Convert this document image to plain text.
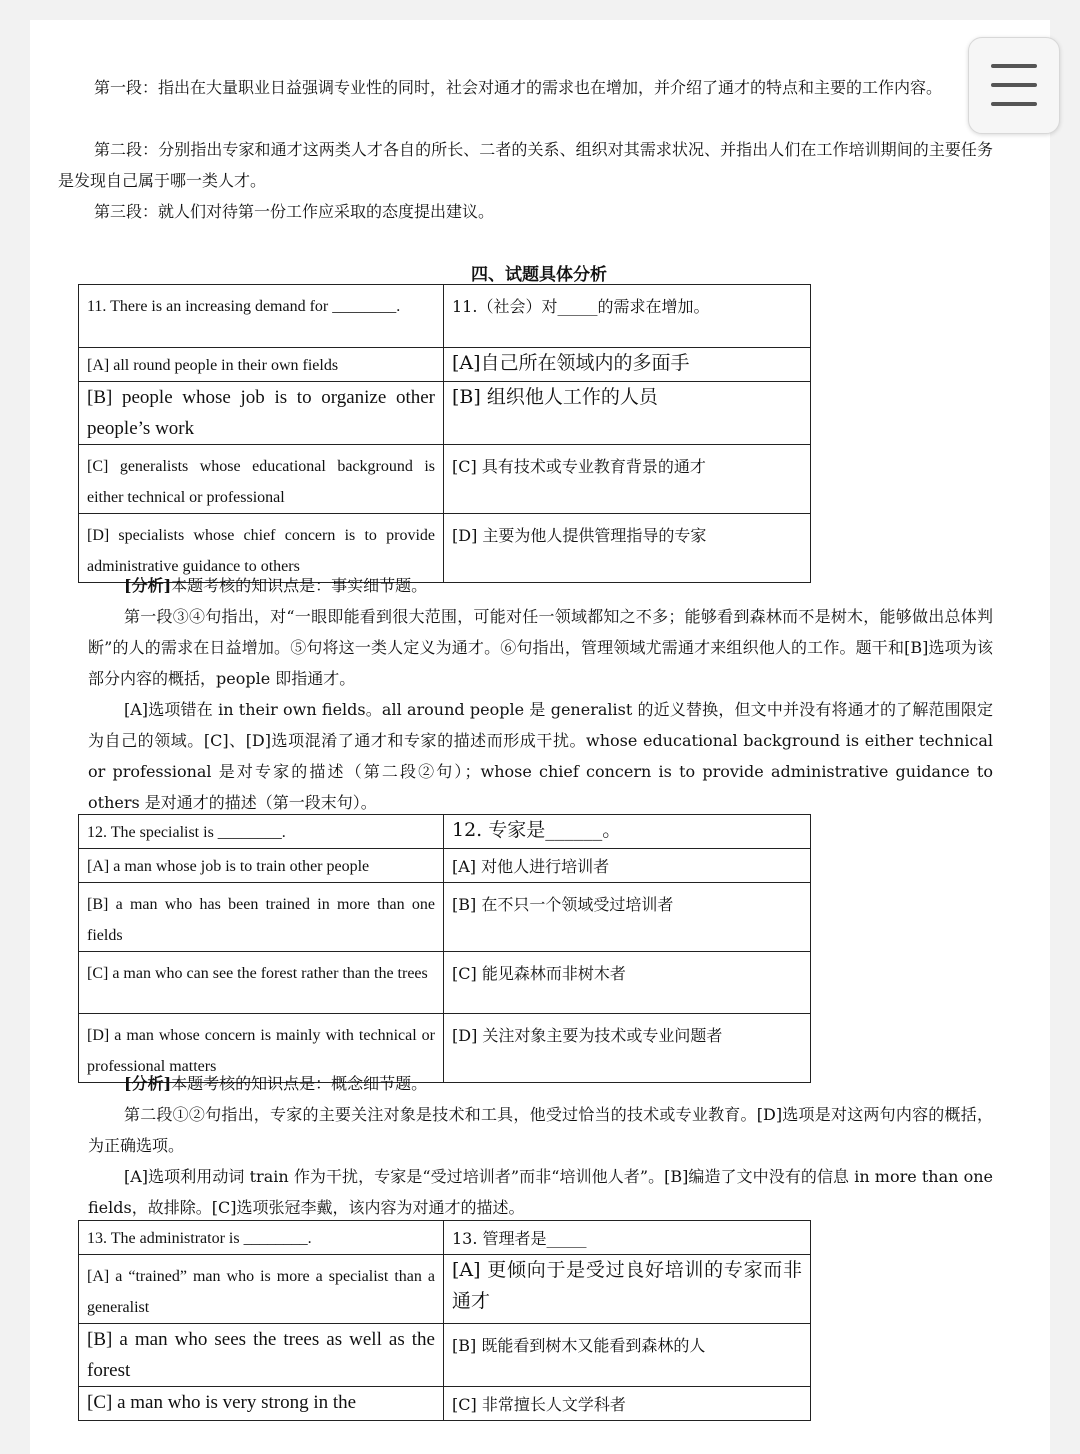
第一段：指出在大量职业日益强调专业性的同时，社会对通才的需求也在增加，并介绍了通才的特点和主要的工作内容。

第二段：分别指出专家和通才这两类人才各自的所长、二者的关系、组织对其需求状况、并指出人们在工作培训期间的主要任务是发现自己属于哪一类人才。

第三段：就人们对待第一份工作应采取的态度提出建议。

四、试题具体分析
11. There is an increasing demand for ________.	11.（社会）对_____的需求在增加。
[A] all round people in their own fields	[A]自己所在领域内的多面手
[B] people whose job is to organize other people’s work	[B] 组织他人工作的人员
[C] generalists whose educational background is either technical or professional	[C] 具有技术或专业教育背景的通才
[D] specialists whose chief concern is to provide administrative guidance to others	[D] 主要为他人提供管理指导的专家

[分析]本题考核的知识点是：事实细节题。

第一段③④句指出，对“一眼即能看到很大范围，可能对任一领域都知之不多；能够看到森林而不是树木，能够做出总体判断”的人的需求在日益增加。⑤句将这一类人定义为通才。⑥句指出，管理领域尤需通才来组织他人的工作。题干和[B]选项为该部分内容的概括，people 即指通才。

[A]选项错在 in their own fields。all around people 是 generalist 的近义替换，但文中并没有将通才的了解范围限定为自己的领域。[C]、[D]选项混淆了通才和专家的描述而形成干扰。whose educational background is either technical or professional 是对专家的描述（第二段②句）；whose chief concern is to provide administrative guidance to others 是对通才的描述（第一段末句）。

12. The specialist is ________.	12. 专家是______。
[A] a man whose job is to train other people	[A] 对他人进行培训者
[B] a man who has been trained in more than one fields	[B] 在不只一个领域受过培训者
[C] a man who can see the forest rather than the trees	[C] 能见森林而非树木者
[D] a man whose concern is mainly with technical or professional matters	[D] 关注对象主要为技术或专业问题者

[分析]本题考核的知识点是：概念细节题。

第二段①②句指出，专家的主要关注对象是技术和工具，他受过恰当的技术或专业教育。[D]选项是对这两句内容的概括，为正确选项。

[A]选项利用动词 train 作为干扰，专家是“受过培训者”而非“培训他人者”。[B]编造了文中没有的信息 in more than one fields，故排除。[C]选项张冠李戴，该内容为对通才的描述。

13. The administrator is ________.	13. 管理者是_____
[A] a “trained” man who is more a specialist than a generalist	[A] 更倾向于是受过良好培训的专家而非通才
[B] a man who sees the trees as well as the forest	[B] 既能看到树木又能看到森林的人
[C] a man who is very strong in the	[C] 非常擅长人文学科者
